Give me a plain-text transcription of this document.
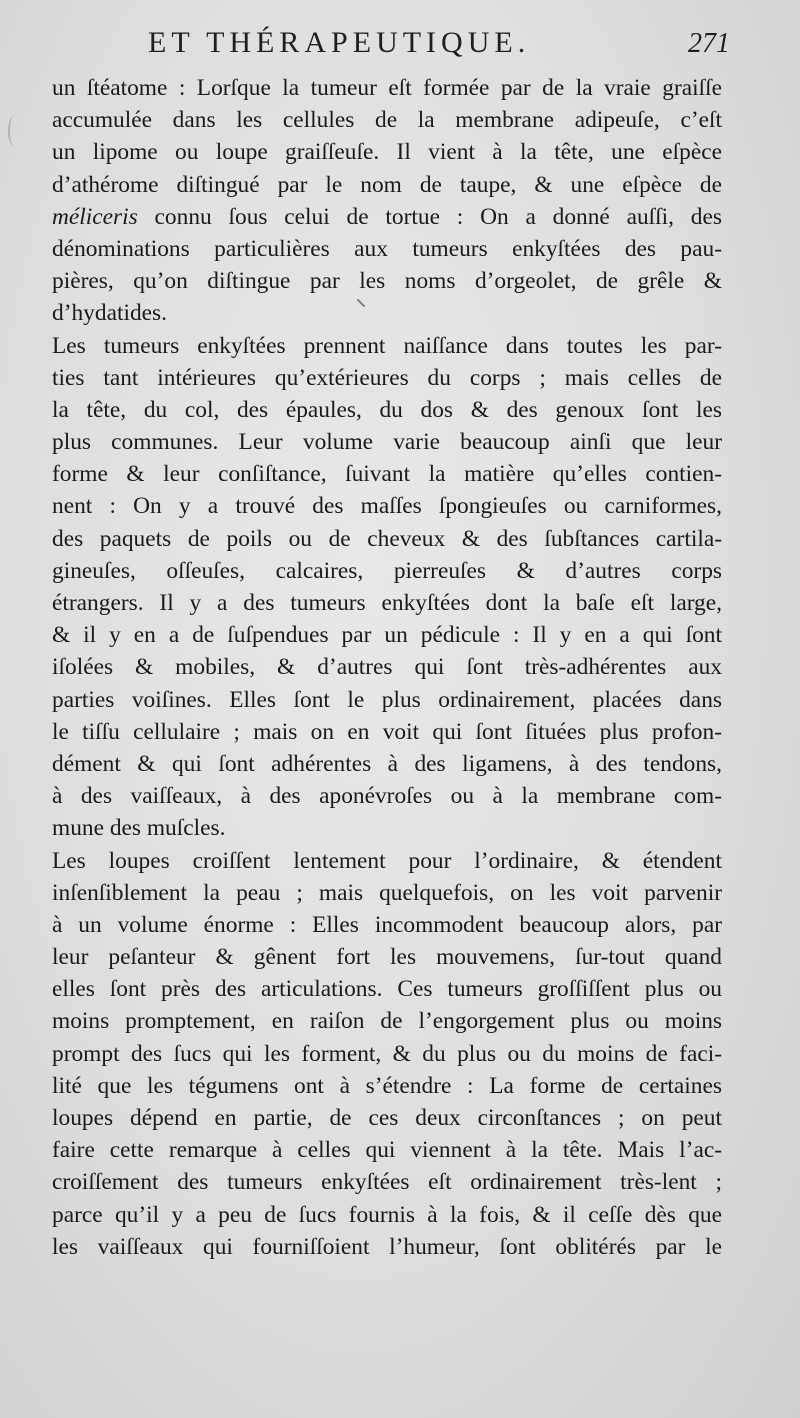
ET THÉRAPEUTIQUE.	271
un ſtéatome : Lorſque la tumeur eſt formée par de la vraie graiſſe
accumulée dans les cellules de la membrane adipeuſe, c’eſt
un lipome ou loupe graiſſeuſe. Il vient à la tête, une eſpèce
d’athérome diſtingué par le nom de taupe, & une eſpèce de
méliceris connu ſous celui de tortue : On a donné auſſi, des
dénominations particulières aux tumeurs enkyſtées des pau-
pières, qu’on diſtingue par les noms d’orgeolet, de grêle &
d’hydatides.
Les tumeurs enkyſtées prennent naiſſance dans toutes les par-
ties tant intérieures qu’extérieures du corps ; mais celles de
la tête, du col, des épaules, du dos & des genoux ſont les
plus communes. Leur volume varie beaucoup ainſi que leur
forme & leur conſiſtance, ſuivant la matière qu’elles contien-
nent : On y a trouvé des maſſes ſpongieuſes ou carniformes,
des paquets de poils ou de cheveux & des ſubſtances cartila-
gineuſes, oſſeuſes, calcaires, pierreuſes & d’autres corps
étrangers. Il y a des tumeurs enkyſtées dont la baſe eſt large,
& il y en a de ſuſpendues par un pédicule : Il y en a qui ſont
iſolées & mobiles, & d’autres qui ſont très-adhérentes aux
parties voiſines. Elles ſont le plus ordinairement, placées dans
le tiſſu cellulaire ; mais on en voit qui ſont ſituées plus profon-
dément & qui ſont adhérentes à des ligamens, à des tendons,
à des vaiſſeaux, à des aponévroſes ou à la membrane com-
mune des muſcles.
Les loupes croiſſent lentement pour l’ordinaire, & étendent
inſenſiblement la peau ; mais quelquefois, on les voit parvenir
à un volume énorme : Elles incommodent beaucoup alors, par
leur peſanteur & gênent fort les mouvemens, ſur-tout quand
elles ſont près des articulations. Ces tumeurs groſſiſſent plus ou
moins promptement, en raiſon de l’engorgement plus ou moins
prompt des ſucs qui les forment, & du plus ou du moins de faci-
lité que les tégumens ont à s’étendre : La forme de certaines
loupes dépend en partie, de ces deux circonſtances ; on peut
faire cette remarque à celles qui viennent à la tête. Mais l’ac-
croiſſement des tumeurs enkyſtées eſt ordinairement très-lent ;
parce qu’il y a peu de ſucs fournis à la fois, & il ceſſe dès que
les vaiſſeaux qui fourniſſoient l’humeur, ſont oblitérés par le
